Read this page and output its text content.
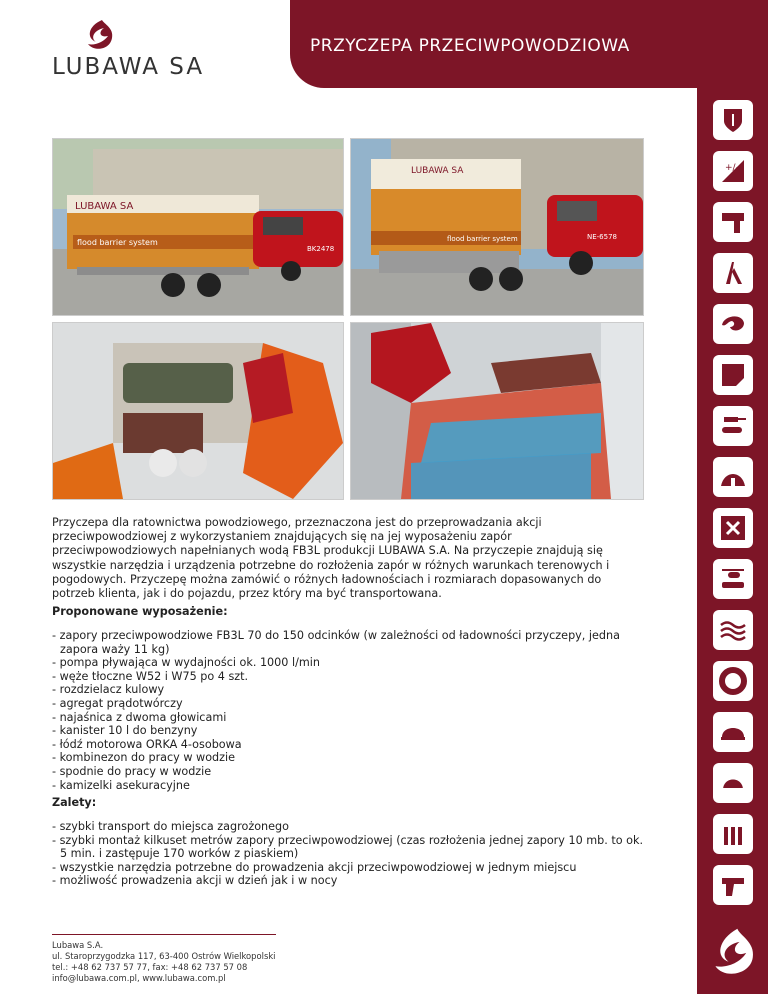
PRZYCZEPA PRZECIWPOWODZIOWA
LUBAWA SA
LUBAWA SA
flood barrier system
BK2478
LUBAWA SA
flood barrier system	NE-6578
+/-
Przyczepa dla ratownictwa powodziowego, przeznaczona jest do przeprowadzania akcji przeciwpowodziowej z wykorzystaniem znajdujących się na jej wyposażeniu zapór przeciwpowodziowych napełnianych wodą FB3L produkcji LUBAWA S.A. Na przyczepie znajdują się wszystkie narzędzia i urządzenia potrzebne do rozłożenia zapór w różnych warunkach terenowych i pogodowych. Przyczepę można zamówić o różnych ładownościach i rozmiarach dopasowanych do potrzeb klienta, jak i do pojazdu, przez który ma być transportowana.
Proponowane wyposażenie:
- zapory przeciwpowodziowe FB3L 70 do 150 odcinków (w zależności od ładowności przyczepy, jedna zapora waży 11 kg)
- pompa pływająca w wydajności ok. 1000 l/min
- węże tłoczne W52 i W75 po 4 szt.
- rozdzielacz kulowy
- agregat prądotwórczy
- najaśnica z dwoma głowicami
- kanister 10 l do benzyny
- łódź motorowa ORKA 4-osobowa
- kombinezon do pracy w wodzie
- spodnie do pracy w wodzie
- kamizelki asekuracyjne
Zalety:
- szybki transport do miejsca zagrożonego
- szybki montaż kilkuset metrów zapory przeciwpowodziowej (czas rozłożenia jednej zapory 10 mb. to ok. 5 min. i zastępuje 170 worków z piaskiem)
- wszystkie narzędzia potrzebne do prowadzenia akcji przeciwpowodziowej w jednym miejscu
- możliwość prowadzenia akcji w dzień jak i w nocy
Lubawa S.A.
ul. Staroprzygodzka 117, 63-400 Ostrów Wielkopolski
tel.: +48 62 737 57 77, fax: +48 62 737 57 08
info@lubawa.com.pl, www.lubawa.com.pl
